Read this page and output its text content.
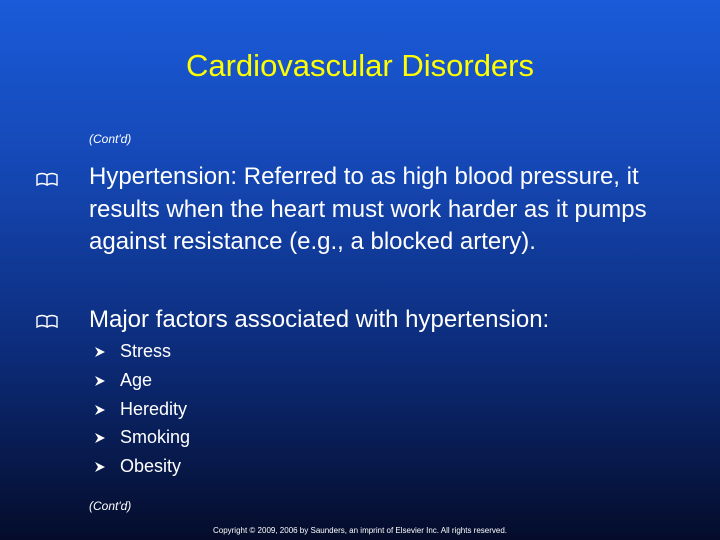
Cardiovascular Disorders
(Cont'd)
Hypertension: Referred to as high blood pressure, it results when the heart must work harder as it pumps against resistance (e.g., a blocked artery).
Major factors associated with hypertension:
Stress
Age
Heredity
Smoking
Obesity
(Cont'd)
Copyright © 2009, 2006 by Saunders, an imprint of Elsevier Inc. All rights reserved.
